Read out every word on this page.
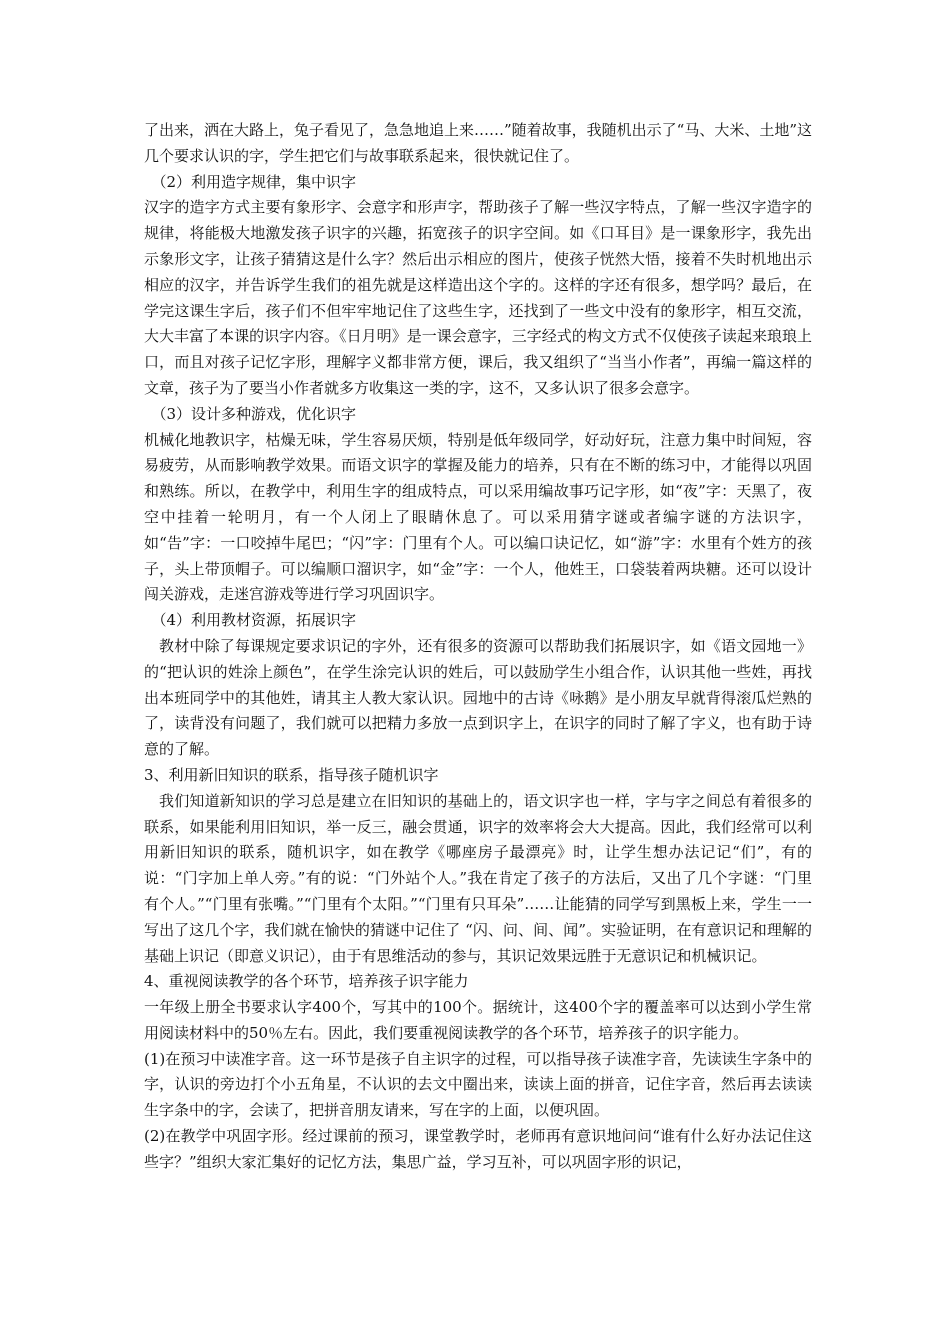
了出来，洒在大路上，兔子看见了，急急地追上来……”随着故事，我随机出示了“马、大米、土地”这几个要求认识的字，学生把它们与故事联系起来，很快就记住了。

（2）利用造字规律，集中识字

汉字的造字方式主要有象形字、会意字和形声字，帮助孩子了解一些汉字特点，了解一些汉字造字的规律，将能极大地激发孩子识字的兴趣，拓宽孩子的识字空间。如《口耳目》是一课象形字，我先出示象形文字，让孩子猜猜这是什么字？然后出示相应的图片，使孩子恍然大悟，接着不失时机地出示相应的汉字，并告诉学生我们的祖先就是这样造出这个字的。这样的字还有很多，想学吗？最后，在学完这课生字后，孩子们不但牢牢地记住了这些生字，还找到了一些文中没有的象形字，相互交流，大大丰富了本课的识字内容。《日月明》是一课会意字，三字经式的构文方式不仅使孩子读起来琅琅上口，而且对孩子记忆字形，理解字义都非常方便，课后，我又组织了“当当小作者”，再编一篇这样的文章，孩子为了要当小作者就多方收集这一类的字，这不，又多认识了很多会意字。

（3）设计多种游戏，优化识字

机械化地教识字，枯燥无味，学生容易厌烦，特别是低年级同学，好动好玩，注意力集中时间短，容易疲劳，从而影响教学效果。而语文识字的掌握及能力的培养，只有在不断的练习中，才能得以巩固和熟练。所以，在教学中，利用生字的组成特点，可以采用编故事巧记字形，如“夜”字：天黑了，夜空中挂着一轮明月，有一个人闭上了眼睛休息了。可以采用猜字谜或者编字谜的方法识字，如“告”字：一口咬掉牛尾巴；“闪”字：门里有个人。可以编口诀记忆，如“游”字：水里有个姓方的孩子，头上带顶帽子。可以编顺口溜识字，如“金”字：一个人，他姓王，口袋装着两块糖。还可以设计闯关游戏，走迷宫游戏等进行学习巩固识字。

（4）利用教材资源，拓展识字

教材中除了每课规定要求识记的字外，还有很多的资源可以帮助我们拓展识字，如《语文园地一》的“把认识的姓涂上颜色”，在学生涂完认识的姓后，可以鼓励学生小组合作，认识其他一些姓，再找出本班同学中的其他姓，请其主人教大家认识。园地中的古诗《咏鹅》是小朋友早就背得滚瓜烂熟的了，读背没有问题了，我们就可以把精力多放一点到识字上，在识字的同时了解了字义，也有助于诗意的了解。

3、利用新旧知识的联系，指导孩子随机识字

我们知道新知识的学习总是建立在旧知识的基础上的，语文识字也一样，字与字之间总有着很多的联系，如果能利用旧知识，举一反三，融会贯通，识字的效率将会大大提高。因此，我们经常可以利用新旧知识的联系，随机识字，如在教学《哪座房子最漂亮》时，让学生想办法记记“们”，有的说：“门字加上单人旁。”有的说：“门外站个人。”我在肯定了孩子的方法后，又出了几个字谜：“门里有个人。”“门里有张嘴。”“门里有个太阳。”“门里有只耳朵”……让能猜的同学写到黑板上来，学生一一写出了这几个字，我们就在愉快的猜谜中记住了 “闪、问、间、闻”。实验证明，在有意识记和理解的基础上识记（即意义识记），由于有思维活动的参与，其识记效果远胜于无意识记和机械识记。

4、重视阅读教学的各个环节，培养孩子识字能力

一年级上册全书要求认字400个，写其中的100个。据统计，这400个字的覆盖率可以达到小学生常用阅读材料中的50％左右。因此，我们要重视阅读教学的各个环节，培养孩子的识字能力。

(1)在预习中读准字音。这一环节是孩子自主识字的过程，可以指导孩子读准字音，先读读生字条中的字，认识的旁边打个小五角星，不认识的去文中圈出来，读读上面的拼音，记住字音，然后再去读读生字条中的字，会读了，把拼音朋友请来，写在字的上面，以便巩固。

(2)在教学中巩固字形。经过课前的预习，课堂教学时，老师再有意识地问问“谁有什么好办法记住这些字？”组织大家汇集好的记忆方法，集思广益，学习互补，可以巩固字形的识记，
